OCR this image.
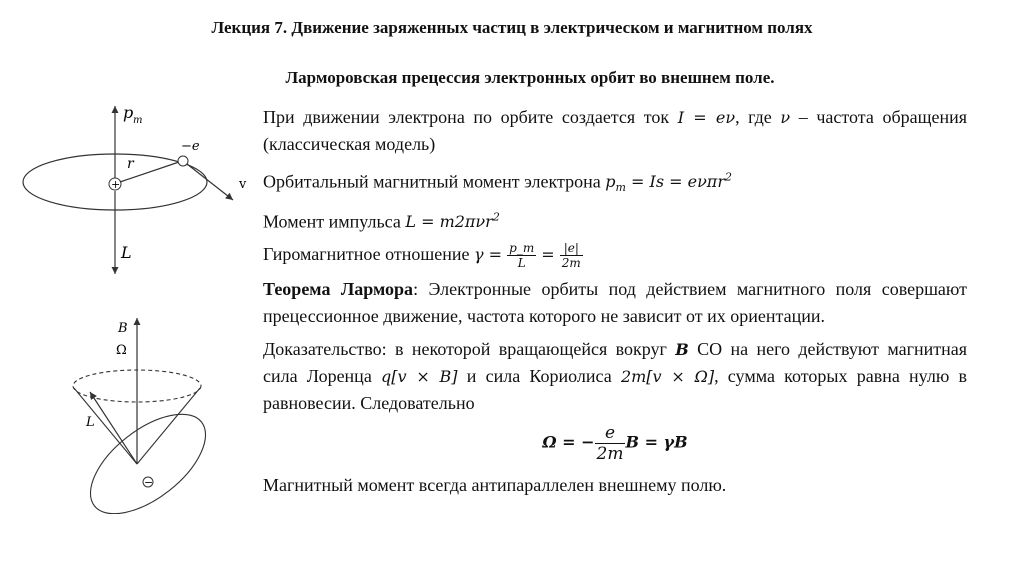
Лекция 7. Движение заряженных частиц в электрическом и магнитном полях
Ларморовская прецессия электронных орбит во внешнем поле.
+
p m
r
−e
v
L
−
B
Ω
L

При движении электрона по орбите создается ток I = eν, где ν – частота обращения (классическая модель)

Орбитальный магнитный момент электрона $p_m = Is = e\nu\pi r^2$

Момент импульса L = m2πνr$^2$

Гиромагнитное отношение $\gamma = \frac{p\_m}{L} = \frac{|e|}{2m}$

Теорема Лармора: Электронные орбиты под действием магнитного поля совершают прецессионное движение, частота которого не зависит от их ориентации.

Доказательство: в некоторой вращающейся вокруг B СО на него действуют магнитная сила Лоренца q[v × B] и сила Кориолиса 2m[v × Ω], сумма которых равна нулю в равновесии. Следовательно

Ω = − $\frac{e}{2m}$ B = γB

Магнитный момент всегда антипараллелен внешнему полю.
